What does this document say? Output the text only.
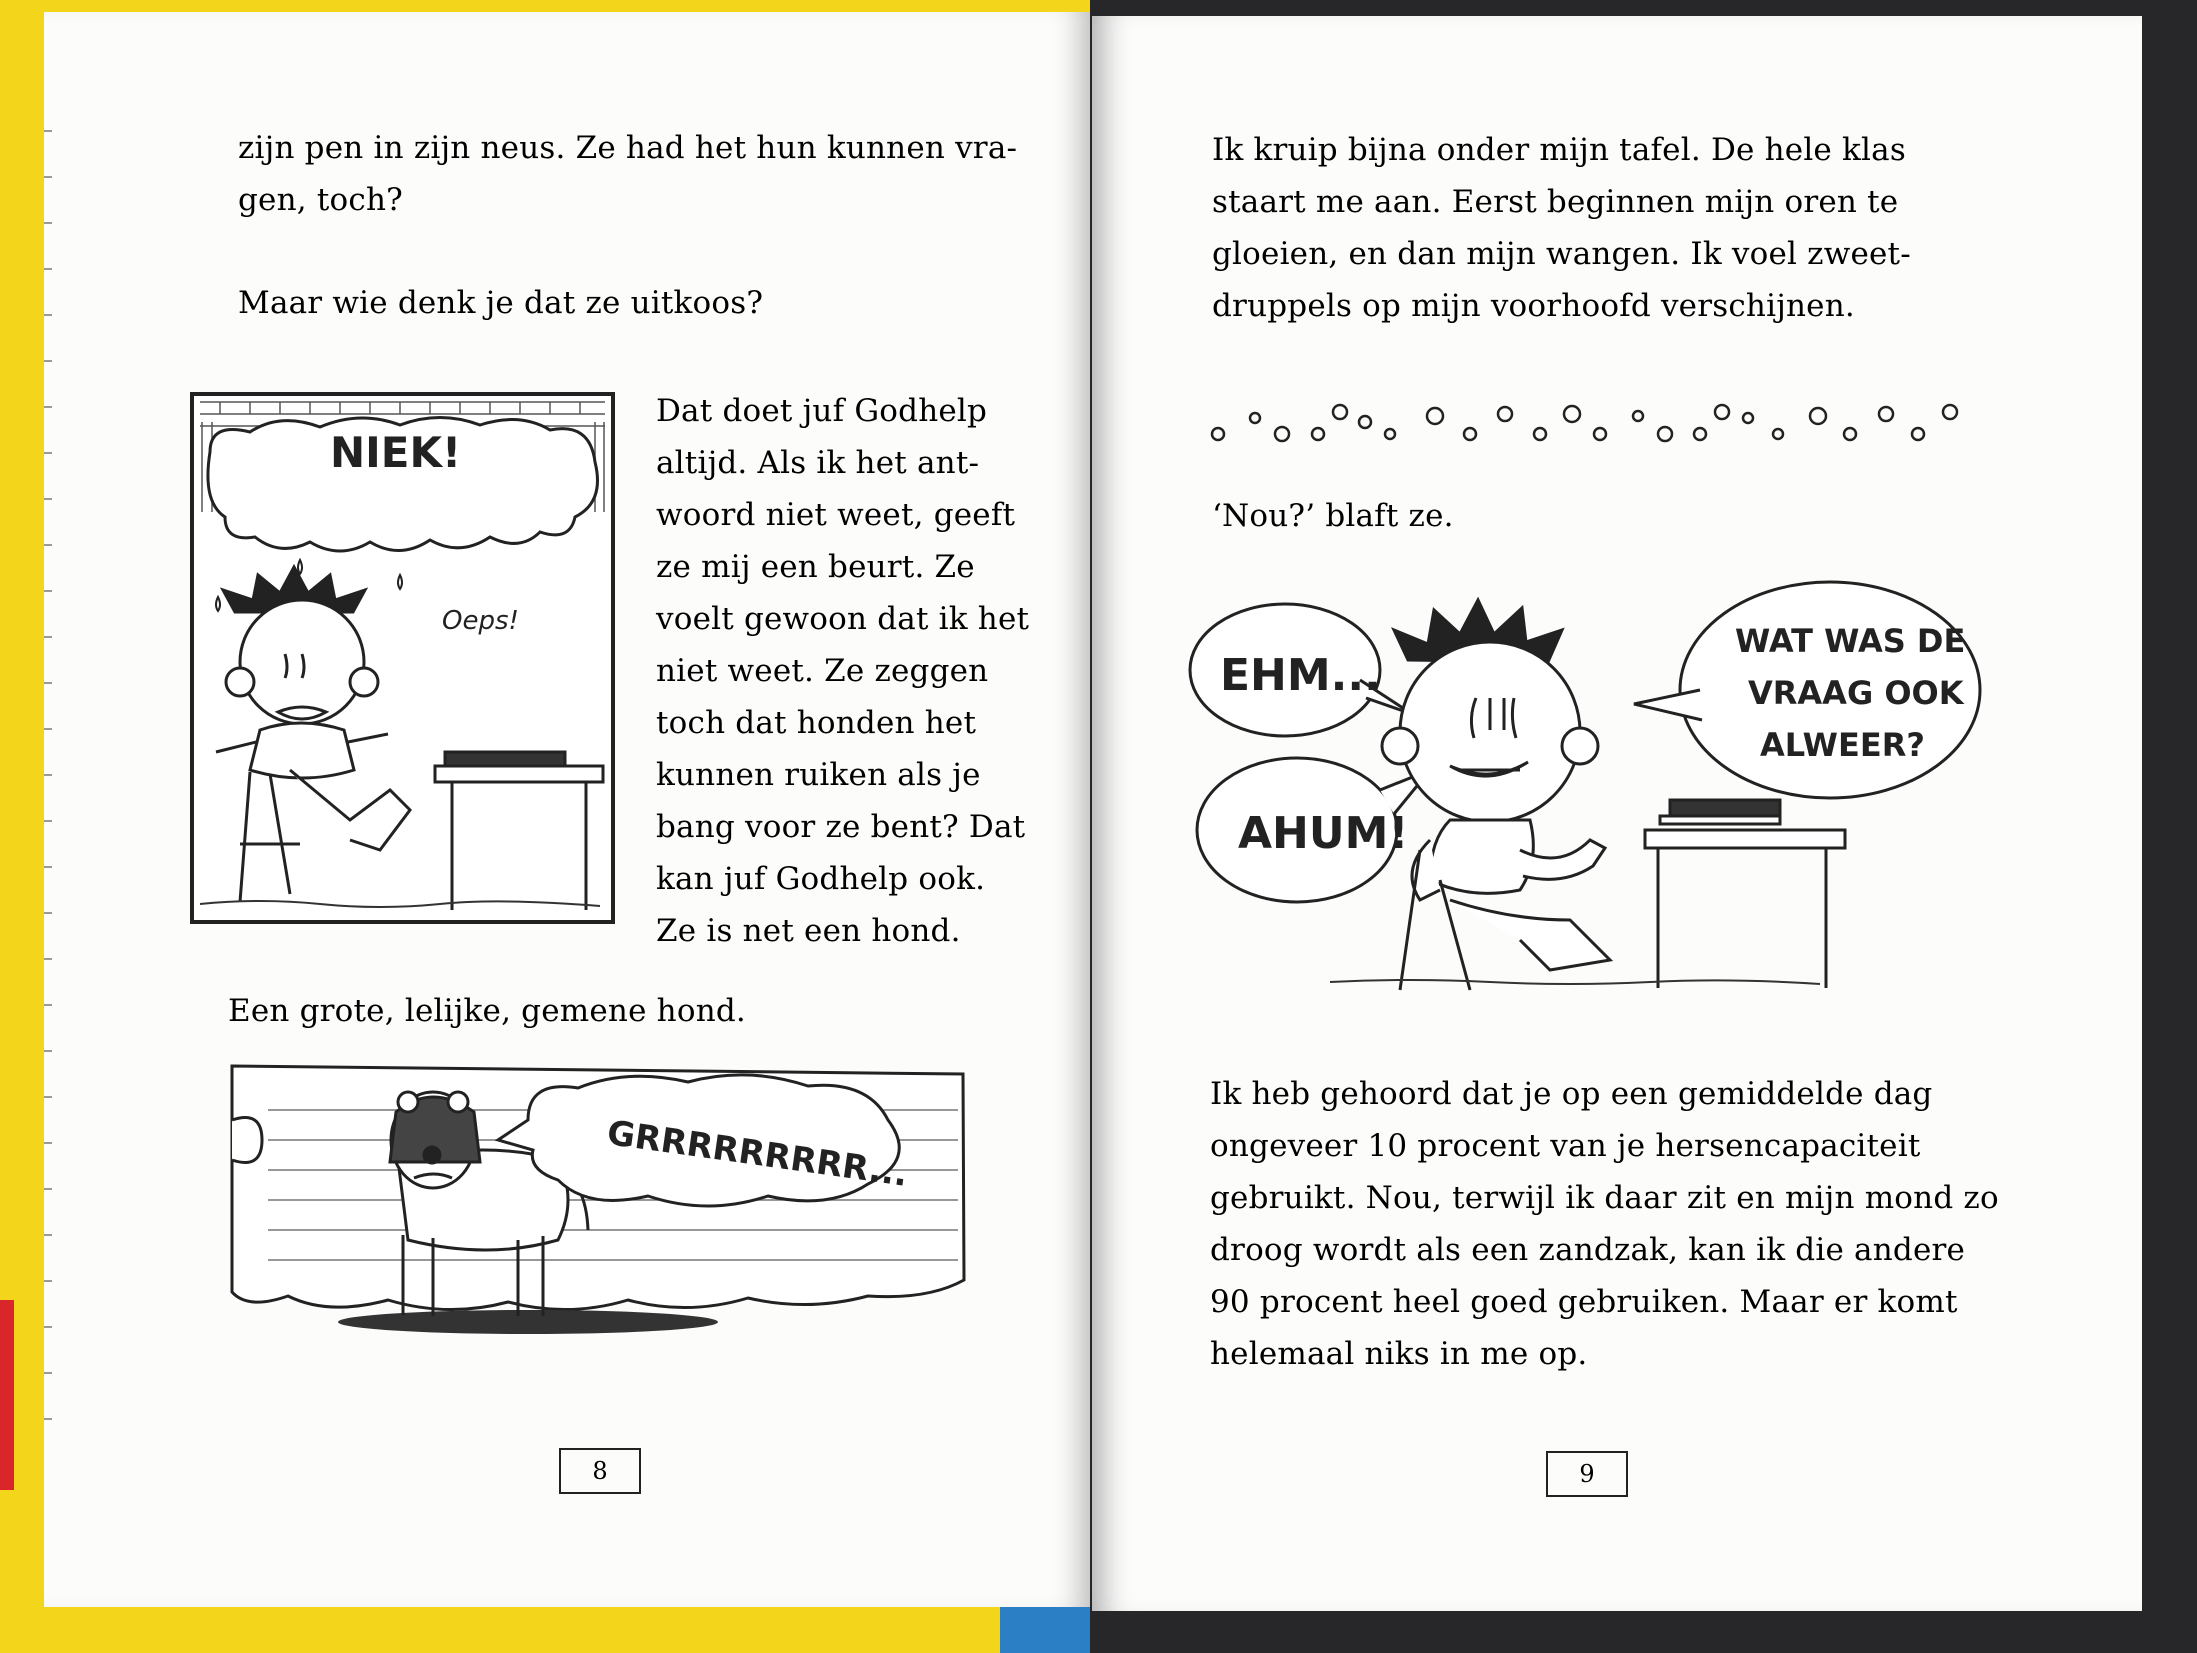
zijn pen in zijn neus. Ze had het hun kunnen vra-
gen, toch?

Maar wie denk je dat ze uitkoos?

NIEK!
Oeps!

Dat doet juf Godhelp
altijd. Als ik het ant-
woord niet weet, geeft
ze mij een beurt. Ze
voelt gewoon dat ik het
niet weet. Ze zeggen
toch dat honden het
kunnen ruiken als je
bang voor ze bent? Dat
kan juf Godhelp ook.
Ze is net een hond.

Een grote, lelijke, gemene hond.

GRRRRRRRRR...
8

Ik kruip bijna onder mijn tafel. De hele klas
staart me aan. Eerst beginnen mijn oren te
gloeien, en dan mijn wangen. Ik voel zweet-
druppels op mijn voorhoofd verschijnen.

‘Nou?’ blaft ze.

EHM...
AHUM!
WAT WAS DE
VRAAG OOK
ALWEER?

Ik heb gehoord dat je op een gemiddelde dag
ongeveer 10 procent van je hersencapaciteit
gebruikt. Nou, terwijl ik daar zit en mijn mond zo
droog wordt als een zandzak, kan ik die andere
90 procent heel goed gebruiken. Maar er komt
helemaal niks in me op.

9
